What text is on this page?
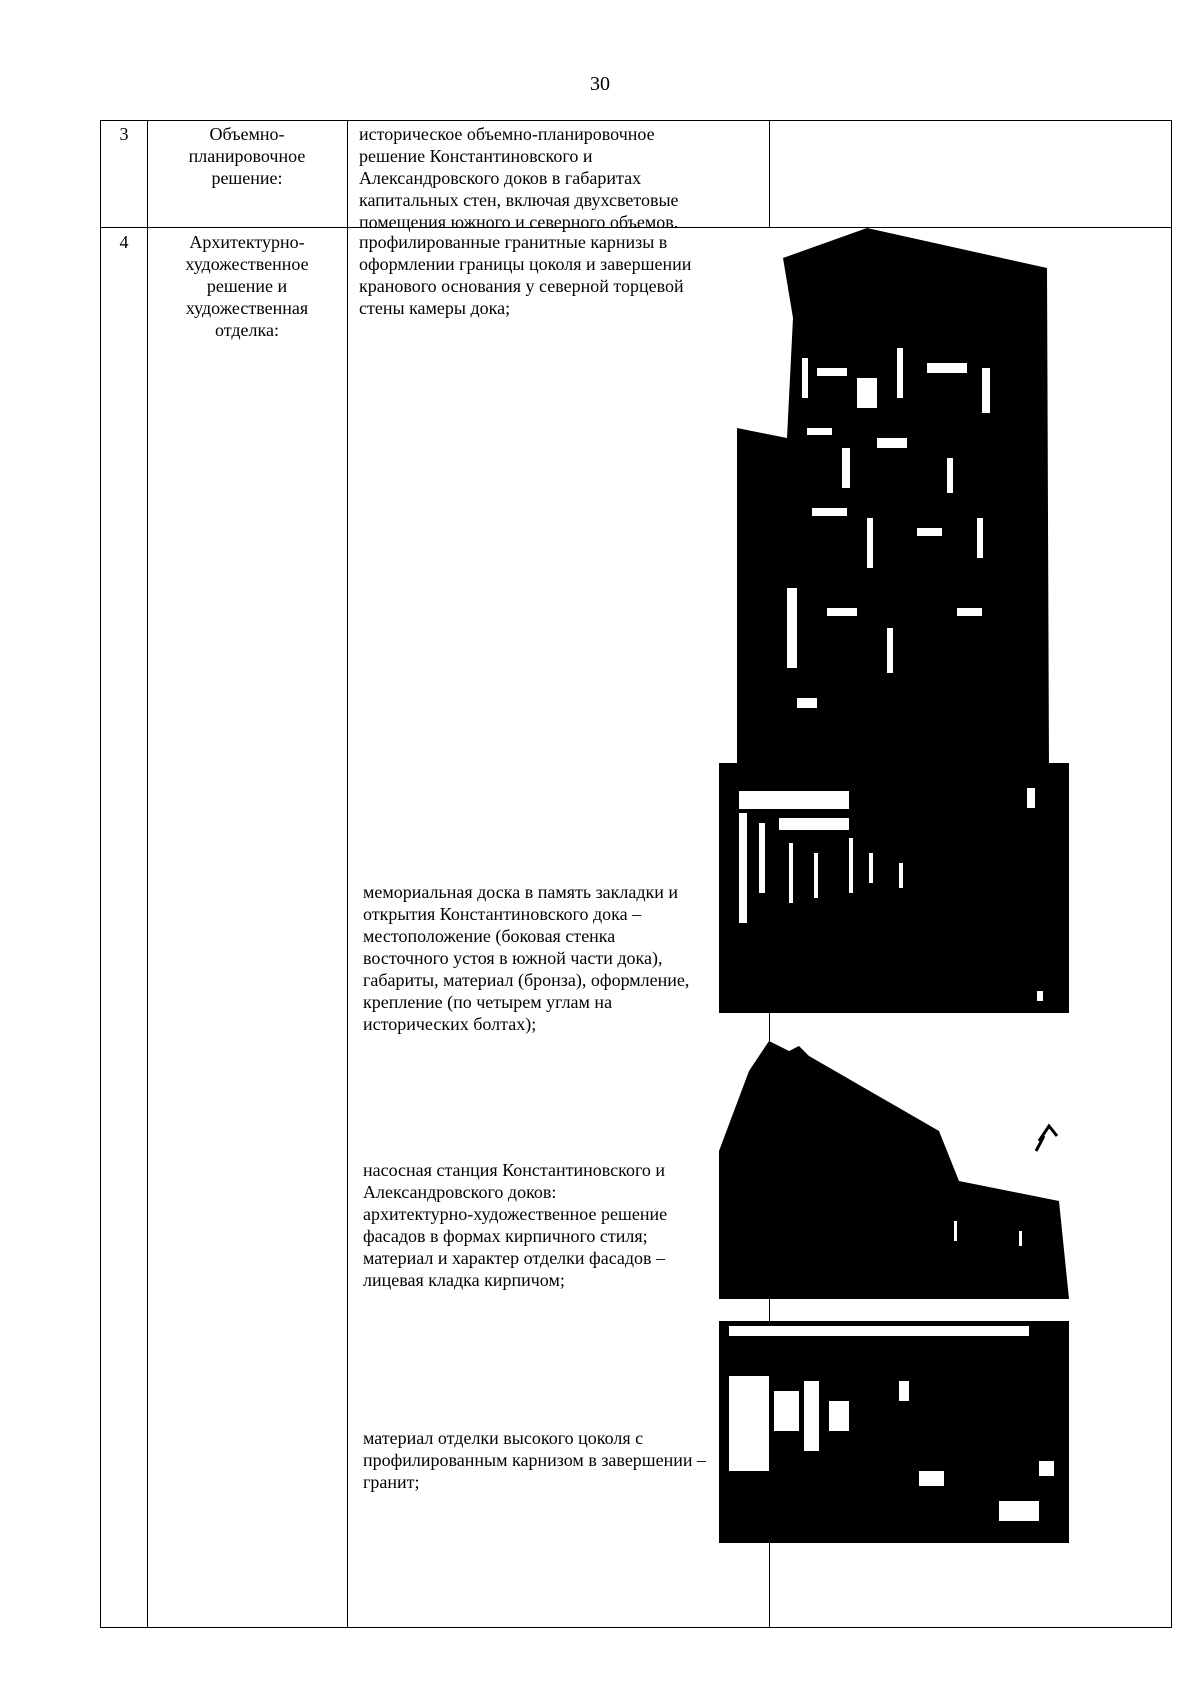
30
3	Объемно-
планировочное
решение:
историческое объемно-планировочное
решение Константиновского и
Александровского доков в габаритах
капитальных стен, включая двухсветовые
помещения южного и северного объемов.
4	Архитектурно-
художественное
решение и
художественная
отделка:
профилированные гранитные карнизы в
оформлении границы цоколя и завершении
кранового основания у северной торцевой
стены камеры дока;
мемориальная доска в память закладки и
открытия Константиновского дока –
местоположение (боковая стенка
восточного устоя в южной части дока),
габариты, материал (бронза), оформление,
крепление (по четырем углам на
исторических болтах);
насосная станция Константиновского и
Александровского доков:
архитектурно-художественное решение
фасадов в формах кирпичного стиля;
материал и характер отделки фасадов –
лицевая кладка кирпичом;
материал отделки высокого цоколя с
профилированным карнизом в завершении –
гранит;
